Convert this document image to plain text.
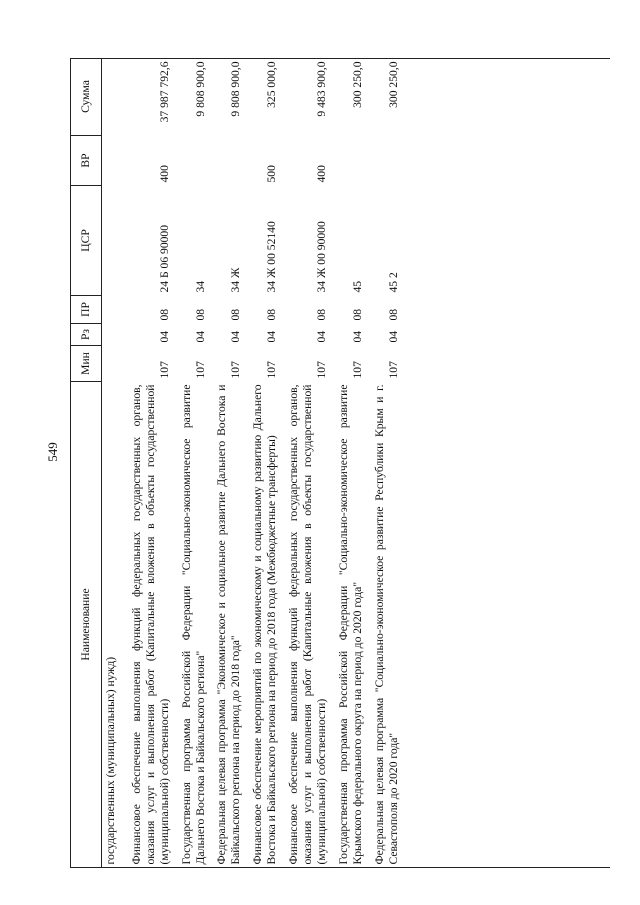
549
Наименование	Мин	Рз	ПР	ЦСР	ВР	Сумма

государственных (муниципальных) нужд)						

Финансовое обеспечение выполнения функций федеральных государственных органов, оказания услуг и выполнения работ (Капитальные вложения в объекты государственной (муниципальной) собственности)	107	04	08	24 Б 06 90000	400	37 987 792,6

Государственная программа Российской Федерации "Социально-экономическое развитие Дальнего Востока и Байкальского региона"	107	04	08	34		9 808 900,0

Федеральная целевая программа "Экономическое и социальное развитие Дальнего Востока и Байкальского региона на период до 2018 года"	107	04	08	34 Ж		9 808 900,0

Финансовое обеспечение мероприятий по экономическому и социальному развитию Дальнего Востока и Байкальского региона на период до 2018 года (Межбюджетные трансферты)	107	04	08	34 Ж 00 52140	500	325 000,0

Финансовое обеспечение выполнения функций федеральных государственных органов, оказания услуг и выполнения работ (Капитальные вложения в объекты государственной (муниципальной) собственности)	107	04	08	34 Ж 00 90000	400	9 483 900,0

Государственная программа Российской Федерации "Социально-экономическое развитие Крымского федерального округа на период до 2020 года"	107	04	08	45		300 250,0

Федеральная целевая программа "Социально-экономическое развитие Республики Крым и г. Севастополя до 2020 года"	107	04	08	45 2		300 250,0
